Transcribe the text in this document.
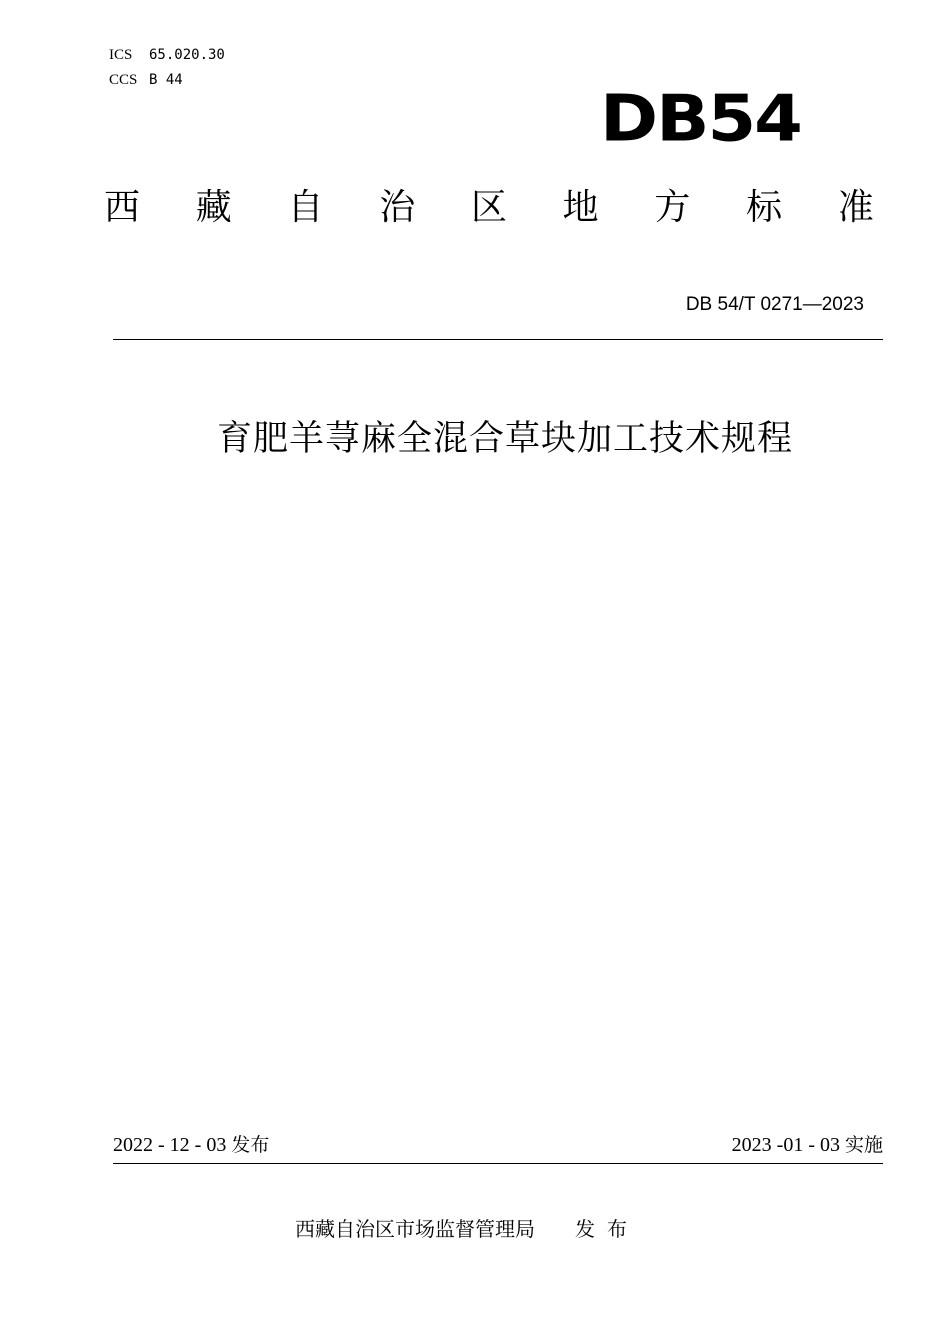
ICS 65.020.30
CCS B 44
DB54
西 藏 自 治 区 地 方 标 准
DB 54/T 0271—2023
育肥羊荨麻全混合草块加工技术规程
2022 - 12 - 03 发布	2023 -01 - 03 实施
西藏自治区市场监督管理局 发布
